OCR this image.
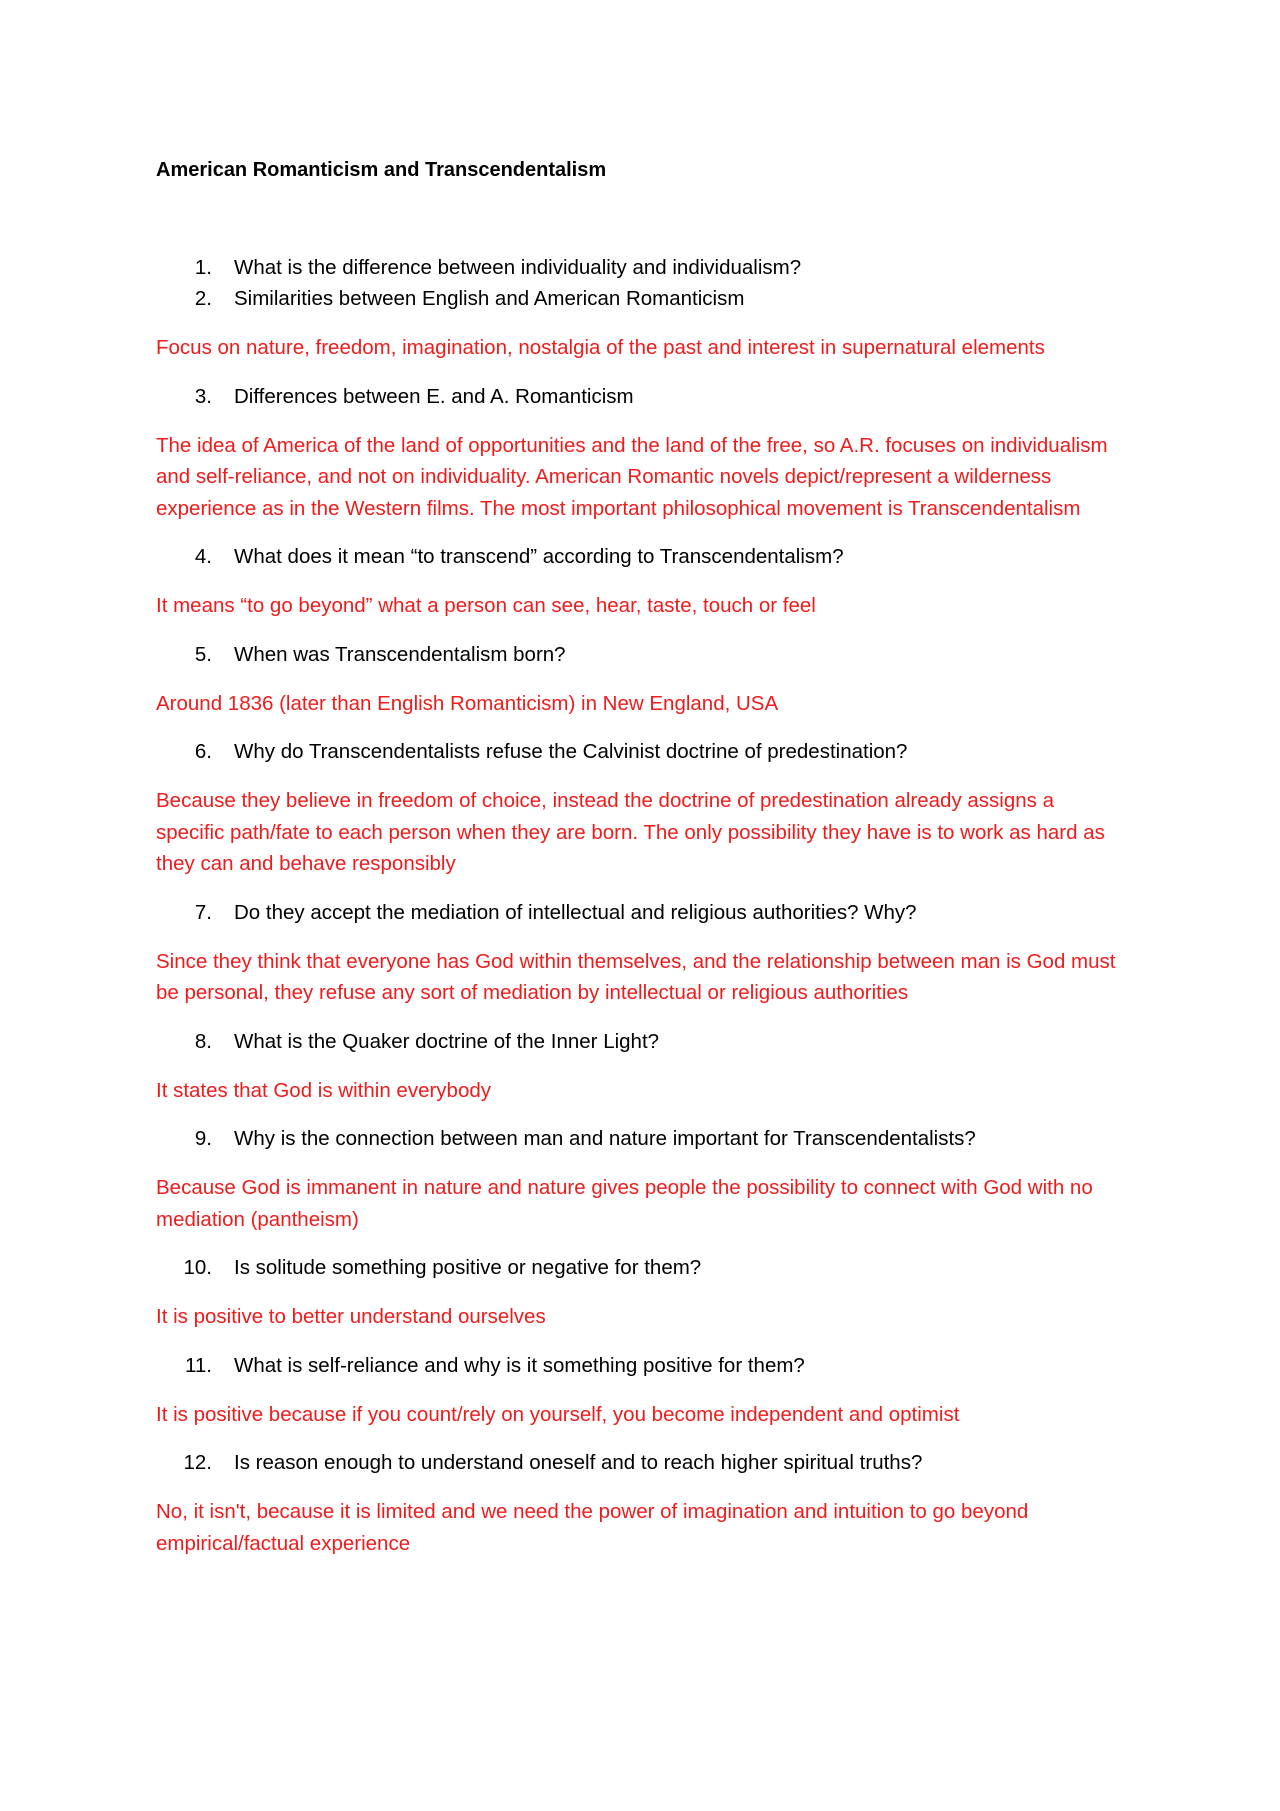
American Romanticism and Transcendentalism
1. What is the difference between individuality and individualism?
2. Similarities between English and American Romanticism

Focus on nature, freedom, imagination, nostalgia of the past and interest in supernatural elements

3. Differences between E. and A. Romanticism

The idea of America of the land of opportunities and the land of the free, so A.R. focuses on individualism and self-reliance, and not on individuality. American Romantic novels depict/represent a wilderness experience as in the Western films. The most important philosophical movement is Transcendentalism

4. What does it mean “to transcend” according to Transcendentalism?

It means “to go beyond” what a person can see, hear, taste, touch or feel

5. When was Transcendentalism born?

Around 1836 (later than English Romanticism) in New England, USA

6. Why do Transcendentalists refuse the Calvinist doctrine of predestination?

Because they believe in freedom of choice, instead the doctrine of predestination already assigns a specific path/fate to each person when they are born. The only possibility they have is to work as hard as they can and behave responsibly

7. Do they accept the mediation of intellectual and religious authorities? Why?

Since they think that everyone has God within themselves, and the relationship between man is God must be personal, they refuse any sort of mediation by intellectual or religious authorities

8. What is the Quaker doctrine of the Inner Light?

It states that God is within everybody

9. Why is the connection between man and nature important for Transcendentalists?

Because God is immanent in nature and nature gives people the possibility to connect with God with no mediation (pantheism)

10. Is solitude something positive or negative for them?

It is positive to better understand ourselves

11. What is self-reliance and why is it something positive for them?

It is positive because if you count/rely on yourself, you become independent and optimist

12. Is reason enough to understand oneself and to reach higher spiritual truths?

No, it isn't, because it is limited and we need the power of imagination and intuition to go beyond empirical/factual experience
